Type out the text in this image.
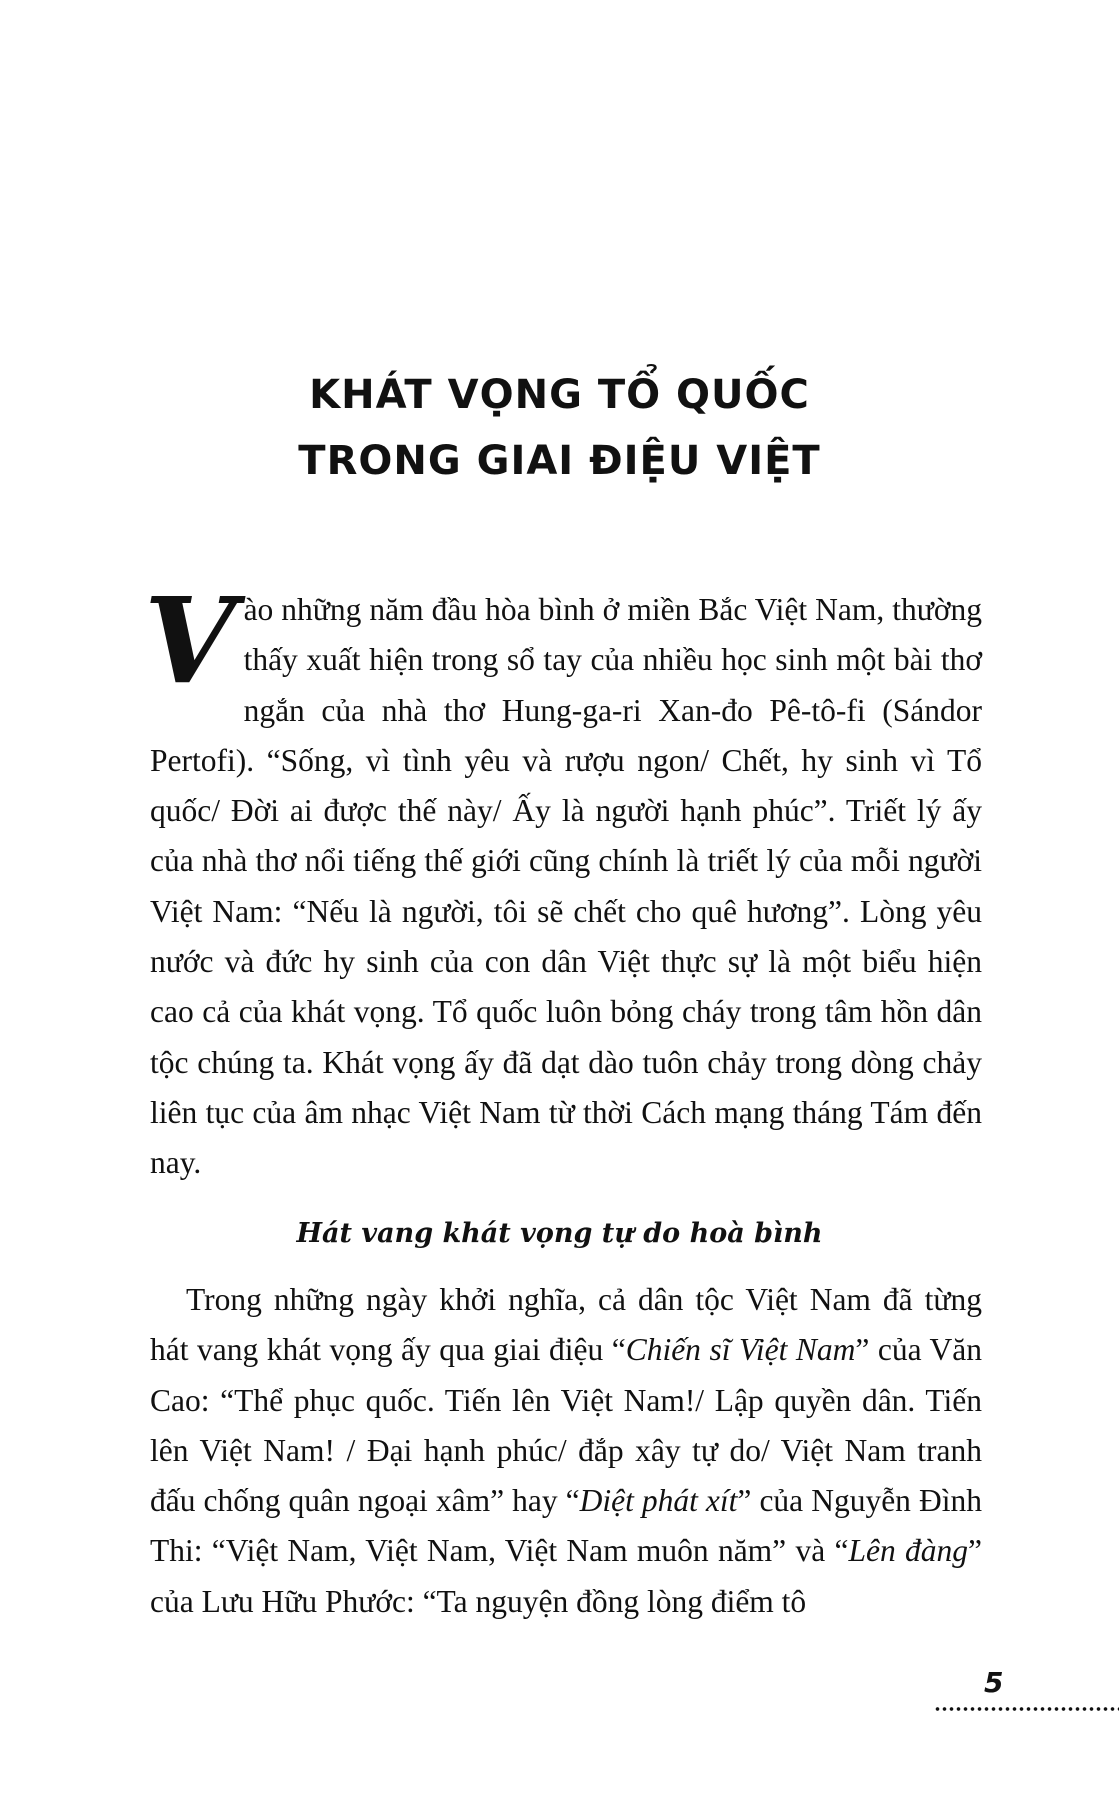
KHÁT VỌNG TỔ QUỐC
TRONG GIAI ĐIỆU VIỆT
Vào những năm đầu hòa bình ở miền Bắc Việt Nam, thường thấy xuất hiện trong sổ tay của nhiều học sinh một bài thơ ngắn của nhà thơ Hung-ga-ri Xan-đo Pê-tô-fi (Sándor Pertofi). “Sống, vì tình yêu và rượu ngon/ Chết, hy sinh vì Tổ quốc/ Đời ai được thế này/ Ấy là người hạnh phúc”. Triết lý ấy của nhà thơ nổi tiếng thế giới cũng chính là triết lý của mỗi người Việt Nam: “Nếu là người, tôi sẽ chết cho quê hương”. Lòng yêu nước và đức hy sinh của con dân Việt thực sự là một biểu hiện cao cả của khát vọng. Tổ quốc luôn bỏng cháy trong tâm hồn dân tộc chúng ta. Khát vọng ấy đã dạt dào tuôn chảy trong dòng chảy liên tục của âm nhạc Việt Nam từ thời Cách mạng tháng Tám đến nay.
Hát vang khát vọng tự do hoà bình
Trong những ngày khởi nghĩa, cả dân tộc Việt Nam đã từng hát vang khát vọng ấy qua giai điệu “Chiến sĩ Việt Nam” của Văn Cao: “Thể phục quốc. Tiến lên Việt Nam!/ Lập quyền dân. Tiến lên Việt Nam! / Đại hạnh phúc/ đắp xây tự do/ Việt Nam tranh đấu chống quân ngoại xâm” hay “Diệt phát xít” của Nguyễn Đình Thi: “Việt Nam, Việt Nam, Việt Nam muôn năm” và “Lên đàng” của Lưu Hữu Phước: “Ta nguyện đồng lòng điểm tô
5
